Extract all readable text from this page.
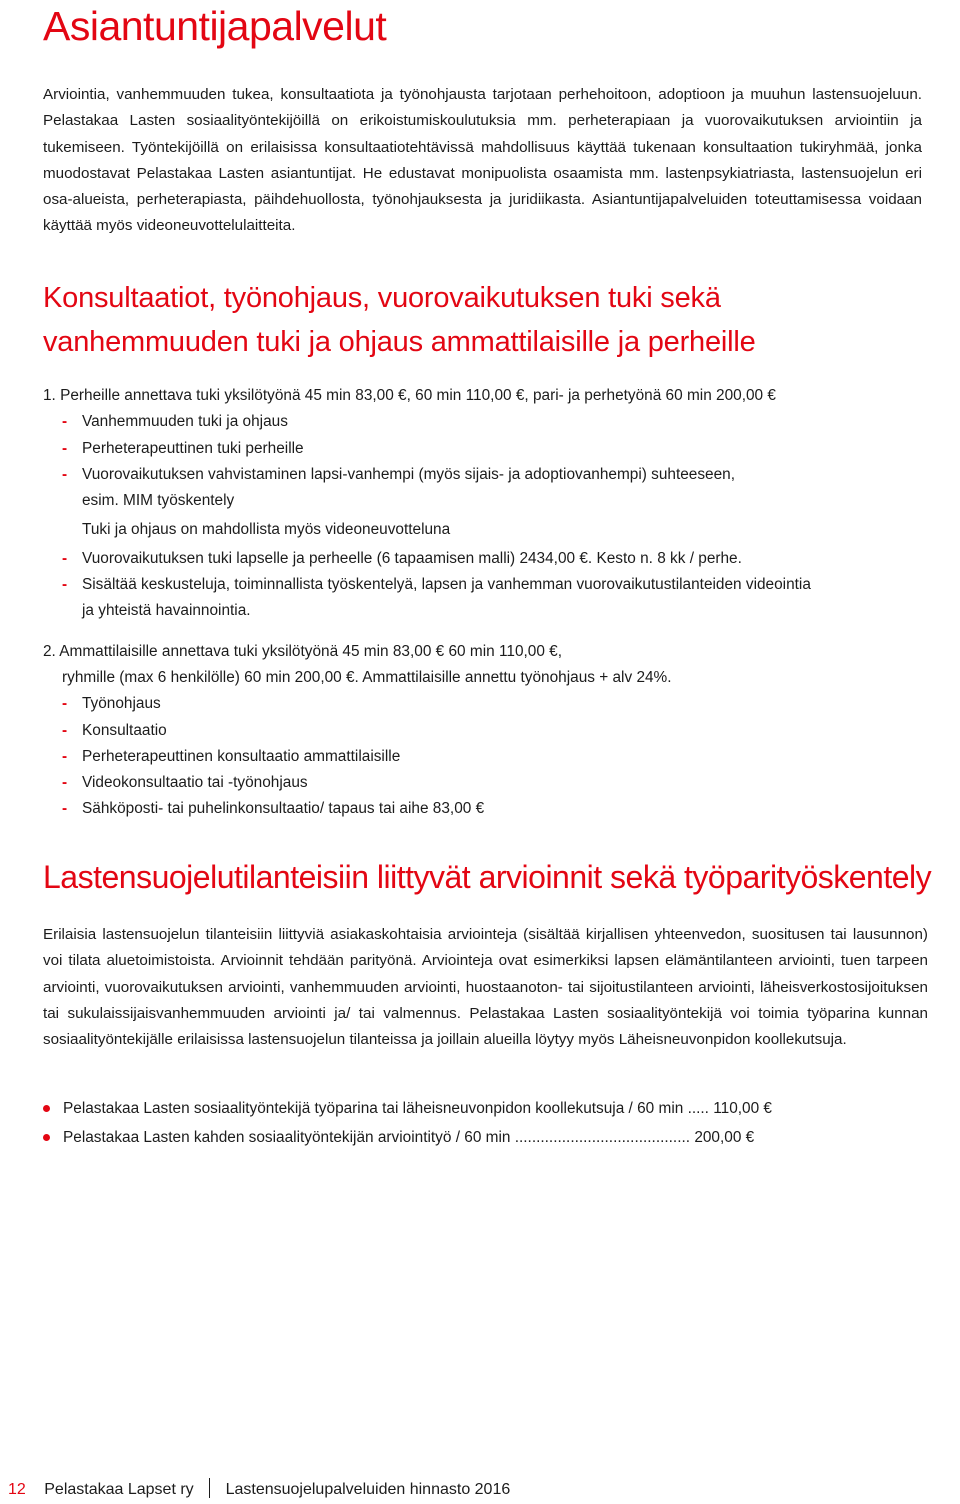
Asiantuntijapalvelut

Arviointia, vanhemmuuden tukea, konsultaatiota ja työnohjausta tarjotaan perhehoitoon, adoptioon ja muuhun lastensuojeluun. Pelastakaa Lasten sosiaalityöntekijöillä on erikoistumiskoulutuksia mm. perheterapiaan ja vuorovaikutuksen arviointiin ja tukemiseen. Työntekijöillä on erilaisissa konsultaatiotehtävissä mahdollisuus käyttää tukenaan konsultaation tukiryhmää, jonka muodostavat Pelastakaa Lasten asiantuntijat. He edustavat monipuolista osaamista mm. lastenpsykiatriasta, lastensuojelun eri osa-alueista, perheterapiasta, päihdehuollosta, työnohjauksesta ja juridiikasta. Asiantuntijapalveluiden toteuttamisessa voidaan käyttää myös videoneuvottelulaitteita.

Konsultaatiot, työnohjaus, vuorovaikutuksen tuki sekä
vanhemmuuden tuki ja ohjaus ammattilaisille ja perheille
1. Perheille annettava tuki yksilötyönä 45 min 83,00 €, 60 min 110,00 €, pari- ja perhetyönä 60 min 200,00 €
- Vanhemmuuden tuki ja ohjaus
- Perheterapeuttinen tuki perheille
- Vuorovaikutuksen vahvistaminen lapsi-vanhempi (myös sijais- ja adoptiovanhempi) suhteeseen,
esim. MIM työskentely
Tuki ja ohjaus on mahdollista myös videoneuvotteluna
- Vuorovaikutuksen tuki lapselle ja perheelle (6 tapaamisen malli) 2434,00 €. Kesto n. 8 kk / perhe.
- Sisältää keskusteluja, toiminnallista työskentelyä, lapsen ja vanhemman vuorovaikutustilanteiden videointia
ja yhteistä havainnointia.
2. Ammattilaisille annettava tuki yksilötyönä 45 min 83,00 € 60 min 110,00 €,
ryhmille (max 6 henkilölle) 60 min 200,00 €. Ammattilaisille annettu työnohjaus + alv 24%.
- Työnohjaus
- Konsultaatio
- Perheterapeuttinen konsultaatio ammattilaisille
- Videokonsultaatio tai -työnohjaus
- Sähköposti- tai puhelinkonsultaatio/ tapaus tai aihe 83,00 €
Lastensuojelutilanteisiin liittyvät arvioinnit sekä työparityöskentely

Erilaisia lastensuojelun tilanteisiin liittyviä asiakaskohtaisia arviointeja (sisältää kirjallisen yhteenvedon, suositusen tai lausunnon) voi tilata aluetoimistoista. Arvioinnit tehdään parityönä. Arviointeja ovat esimerkiksi lapsen elämäntilanteen arviointi, tuen tarpeen arviointi, vuorovaikutuksen arviointi, vanhemmuuden arviointi, huostaanoton- tai sijoitustilanteen arviointi, läheisverkostosijoituksen tai sukulaissijaisvanhemmuuden arviointi ja/ tai valmennus. Pelastakaa Lasten sosiaalityöntekijä voi toimia työparina kunnan sosiaalityöntekijälle erilaisissa lastensuojelun tilanteissa ja joillain alueilla löytyy myös Läheisneuvonpidon koollekutsuja.

Pelastakaa Lasten sosiaalityöntekijä työparina tai läheisneuvonpidon koollekutsuja / 60 min ..... 110,00 €
Pelastakaa Lasten kahden sosiaalityöntekijän arviointityö / 60 min ......................................... 200,00 €
12 Pelastakaa Lapset ry Lastensuojelupalveluiden hinnasto 2016
